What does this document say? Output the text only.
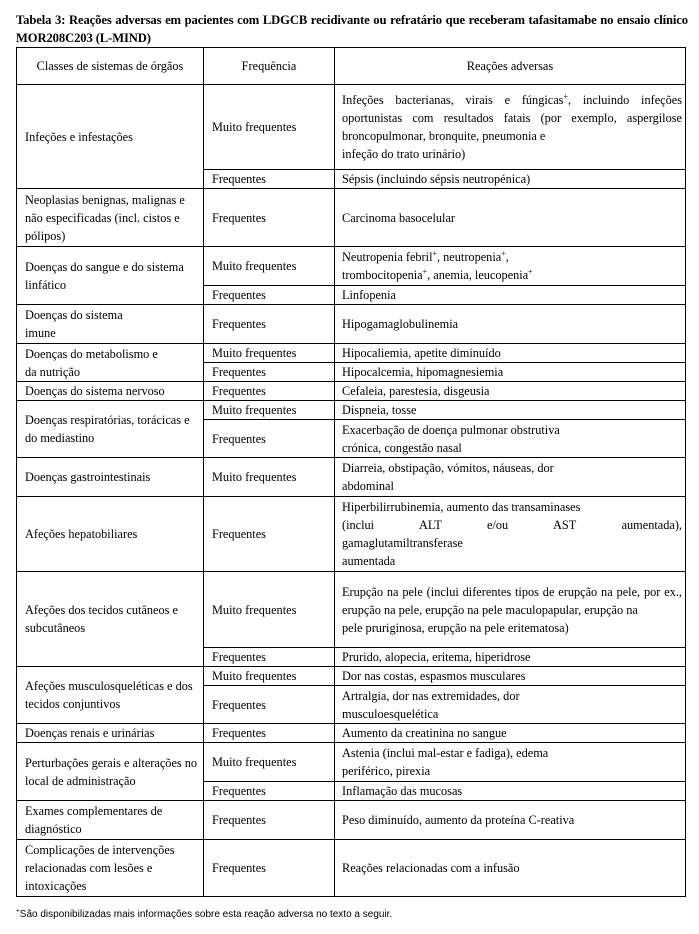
Tabela 3: Reações adversas em pacientes com LDGCB recidivante ou refratário que receberam tafasitamabe no ensaio clínico MOR208C203 (L-MIND)
Classes de sistemas de órgãos	Frequência	Reações adversas
Infeções e infestações	Muito frequentes	Infeções bacterianas, virais e fúngicas+, incluindo infeções oportunistas com resultados fatais (por exemplo, aspergilose broncopulmonar, bronquite, pneumonia e
infeção do trato urinário)

	Frequentes	Sépsis (incluindo sépsis neutropénica)
Neoplasias benignas, malignas e não especificadas (incl. cistos e pólipos)	Frequentes	Carcinoma basocelular
Doenças do sangue e do sistema linfático	Muito frequentes	Neutropenia febril+, neutropenia+,
trombocitopenia+, anemia, leucopenia+

	Frequentes	Linfopenia

Doenças do sistema
imune	Frequentes	Hipogamaglobulinemia

Doenças do metabolismo e
da nutrição	Muito frequentes	Hipocaliemia, apetite diminuído
	Frequentes	Hipocalcemia, hipomagnesiemia
Doenças do sistema nervoso	Frequentes	Cefaleia, parestesia, disgeusia
Doenças respiratórias, torácicas e do mediastino	Muito frequentes	Dispneia, tosse
	Frequentes	Exacerbação de doença pulmonar obstrutiva
crónica, congestão nasal

Doenças gastrointestinais	Muito frequentes	Diarreia, obstipação, vómitos, náuseas, dor
abdominal

Afeções hepatobiliares	Frequentes	Hiperbilirrubinemia, aumento das transaminases
(inclui ALT e/ou AST aumentada),
gamaglutamiltransferase
aumentada

Afeções dos tecidos cutâneos e subcutâneos	Muito frequentes	Erupção na pele (inclui diferentes tipos de erupção na pele, por ex., erupção na pele, erupção na pele maculopapular, erupção na
pele pruriginosa, erupção na pele eritematosa)

	Frequentes	Prurido, alopecia, eritema, hiperidrose
Afeções musculosqueléticas e dos tecidos conjuntivos	Muito frequentes	Dor nas costas, espasmos musculares
	Frequentes	Artralgia, dor nas extremidades, dor
musculoesquelética

Doenças renais e urinárias	Frequentes	Aumento da creatinina no sangue
Perturbações gerais e alterações no local de administração	Muito frequentes	Astenia (inclui mal-estar e fadiga), edema
periférico, pirexia

	Frequentes	Inflamação das mucosas
Exames complementares de diagnóstico	Frequentes	Peso diminuído, aumento da proteína C-reativa
Complicações de intervenções relacionadas com lesões e intoxicações	Frequentes	Reações relacionadas com a infusão
+São disponibilizadas mais informações sobre esta reação adversa no texto a seguir.
